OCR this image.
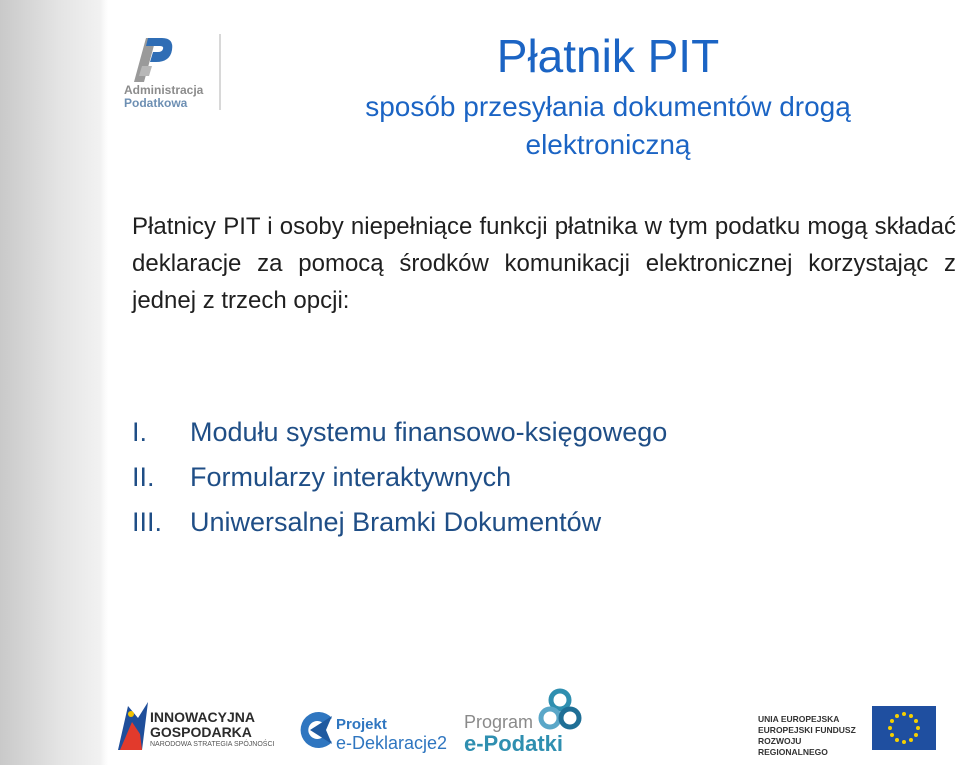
Administracja
Podatkowa
Płatnik PIT
sposób przesyłania dokumentów drogą
elektroniczną
Płatnicy PIT i osoby niepełniące funkcji płatnika w tym podatku mogą składać deklaracje za pomocą środków komunikacji elektronicznej korzystając z jednej z trzech opcji:
I.	Modułu systemu finansowo-księgowego
II.	Formularzy interaktywnych
III.	Uniwersalnej Bramki Dokumentów
INNOWACYJNA
GOSPODARKA
NARODOWA STRATEGIA SPÓJNOŚCI
Projekt
e-Deklaracje2
Program
e-Podatki
UNIA EUROPEJSKA
EUROPEJSKI FUNDUSZ
ROZWOJU REGIONALNEGO
